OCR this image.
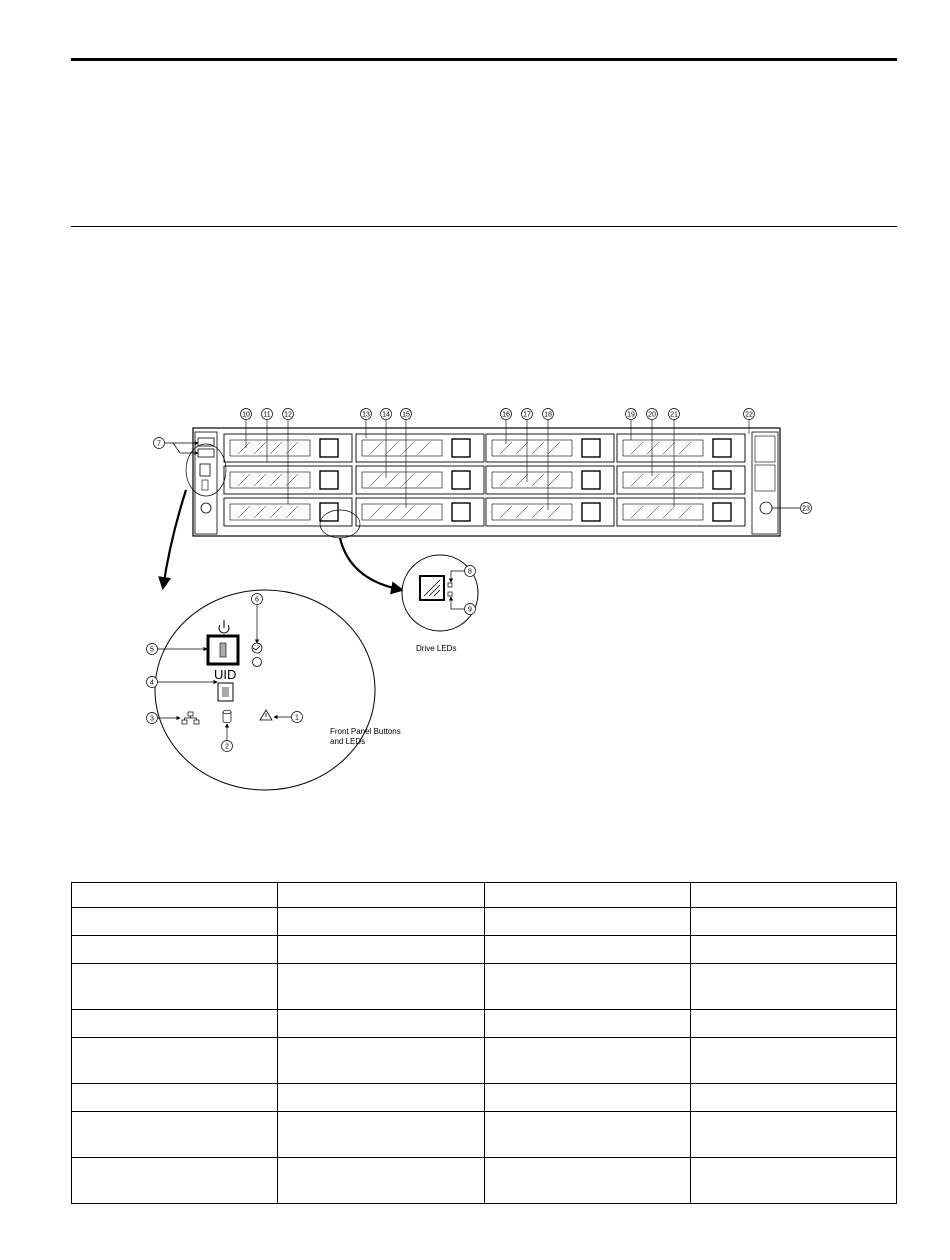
7
10 11 12	13 14 15	16 17 18	19 20 21	22
23
UID
6
5
4
3
2
1
Front Panel Buttons
and LEDs
8
9
Drive LEDs
